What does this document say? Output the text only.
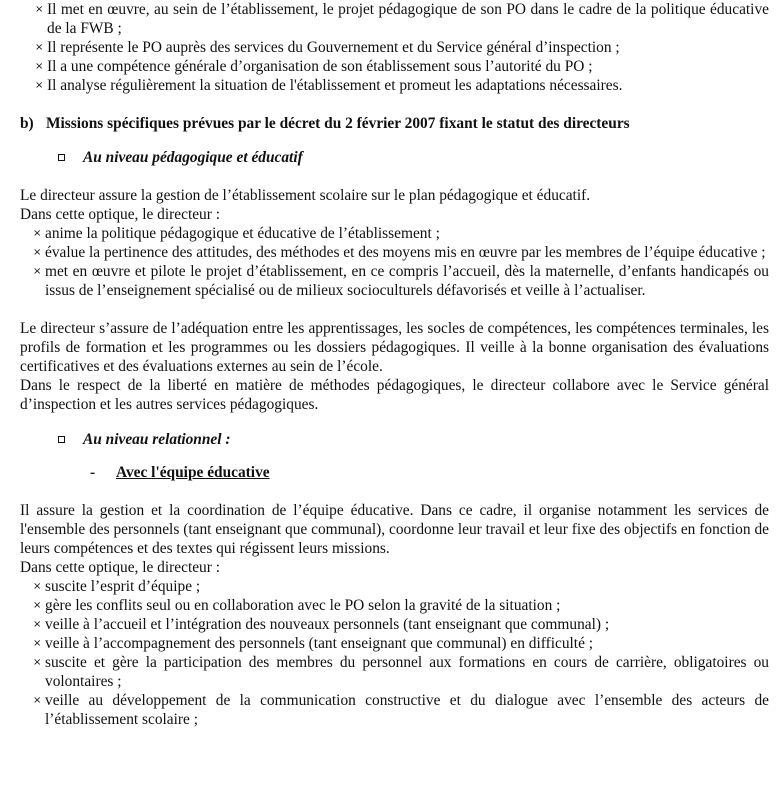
× Il met en œuvre, au sein de l’établissement, le projet pédagogique de son PO dans le cadre de la politique éducative de la FWB ;
× Il représente le PO auprès des services du Gouvernement et du Service général d’inspection ;
× Il a une compétence générale d’organisation de son établissement sous l’autorité du PO ;
× Il analyse régulièrement la situation de l'établissement et promeut les adaptations nécessaires.
b) Missions spécifiques prévues par le décret du 2 février 2007 fixant le statut des directeurs
Au niveau pédagogique et éducatif

Le directeur assure la gestion de l’établissement scolaire sur le plan pédagogique et éducatif.

Dans cette optique, le directeur :

× anime la politique pédagogique et éducative de l’établissement ;
× évalue la pertinence des attitudes, des méthodes et des moyens mis en œuvre par les membres de l’équipe éducative ;
× met en œuvre et pilote le projet d’établissement, en ce compris l’accueil, dès la maternelle, d’enfants handicapés ou issus de l’enseignement spécialisé ou de milieux socioculturels défavorisés et veille à l’actualiser.

Le directeur s’assure de l’adéquation entre les apprentissages, les socles de compétences, les compétences terminales, les profils de formation et les programmes ou les dossiers pédagogiques. Il veille à la bonne organisation des évaluations certificatives et des évaluations externes au sein de l’école.

Dans le respect de la liberté en matière de méthodes pédagogiques, le directeur collabore avec le Service général d’inspection et les autres services pédagogiques.

Au niveau relationnel :
- Avec l'équipe éducative

Il assure la gestion et la coordination de l’équipe éducative. Dans ce cadre, il organise notamment les services de l'ensemble des personnels (tant enseignant que communal), coordonne leur travail et leur fixe des objectifs en fonction de leurs compétences et des textes qui régissent leurs missions.

Dans cette optique, le directeur :

× suscite l’esprit d’équipe ;
× gère les conflits seul ou en collaboration avec le PO selon la gravité de la situation ;
× veille à l’accueil et l’intégration des nouveaux personnels (tant enseignant que communal) ;
× veille à l’accompagnement des personnels (tant enseignant que communal) en difficulté ;
× suscite et gère la participation des membres du personnel aux formations en cours de carrière, obligatoires ou volontaires ;
× veille au développement de la communication constructive et du dialogue avec l’ensemble des acteurs de l’établissement scolaire ;
